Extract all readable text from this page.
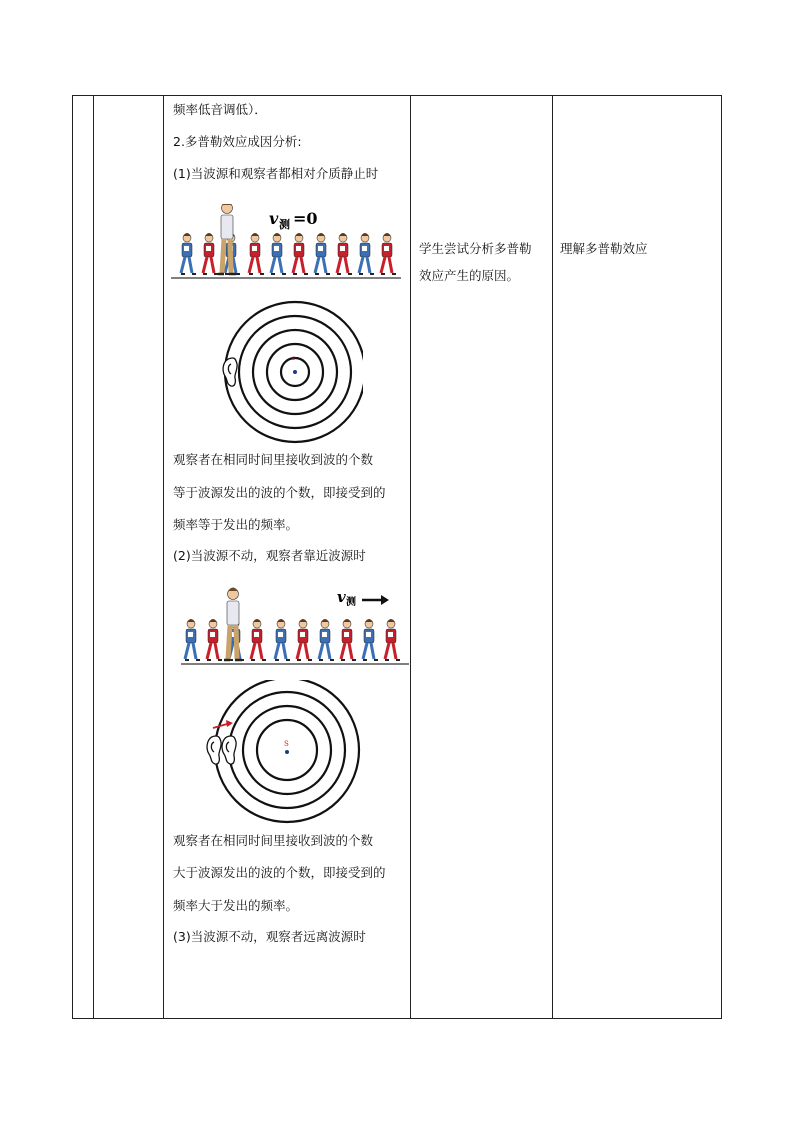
频率低音调低）．
2.多普勒效应成因分析:
(1)当波源和观察者都相对介质静止时
v 测 =0
s
观察者在相同时间里接收到波的个数
等于波源发出的波的个数，即接受到的
频率等于发出的频率。
(2)当波源不动，观察者靠近波源时
v 测
S
观察者在相同时间里接收到波的个数
大于波源发出的波的个数，即接受到的
频率大于发出的频率。
(3)当波源不动，观察者远离波源时
学生尝试分析多普勒
效应产生的原因。
理解多普勒效应
